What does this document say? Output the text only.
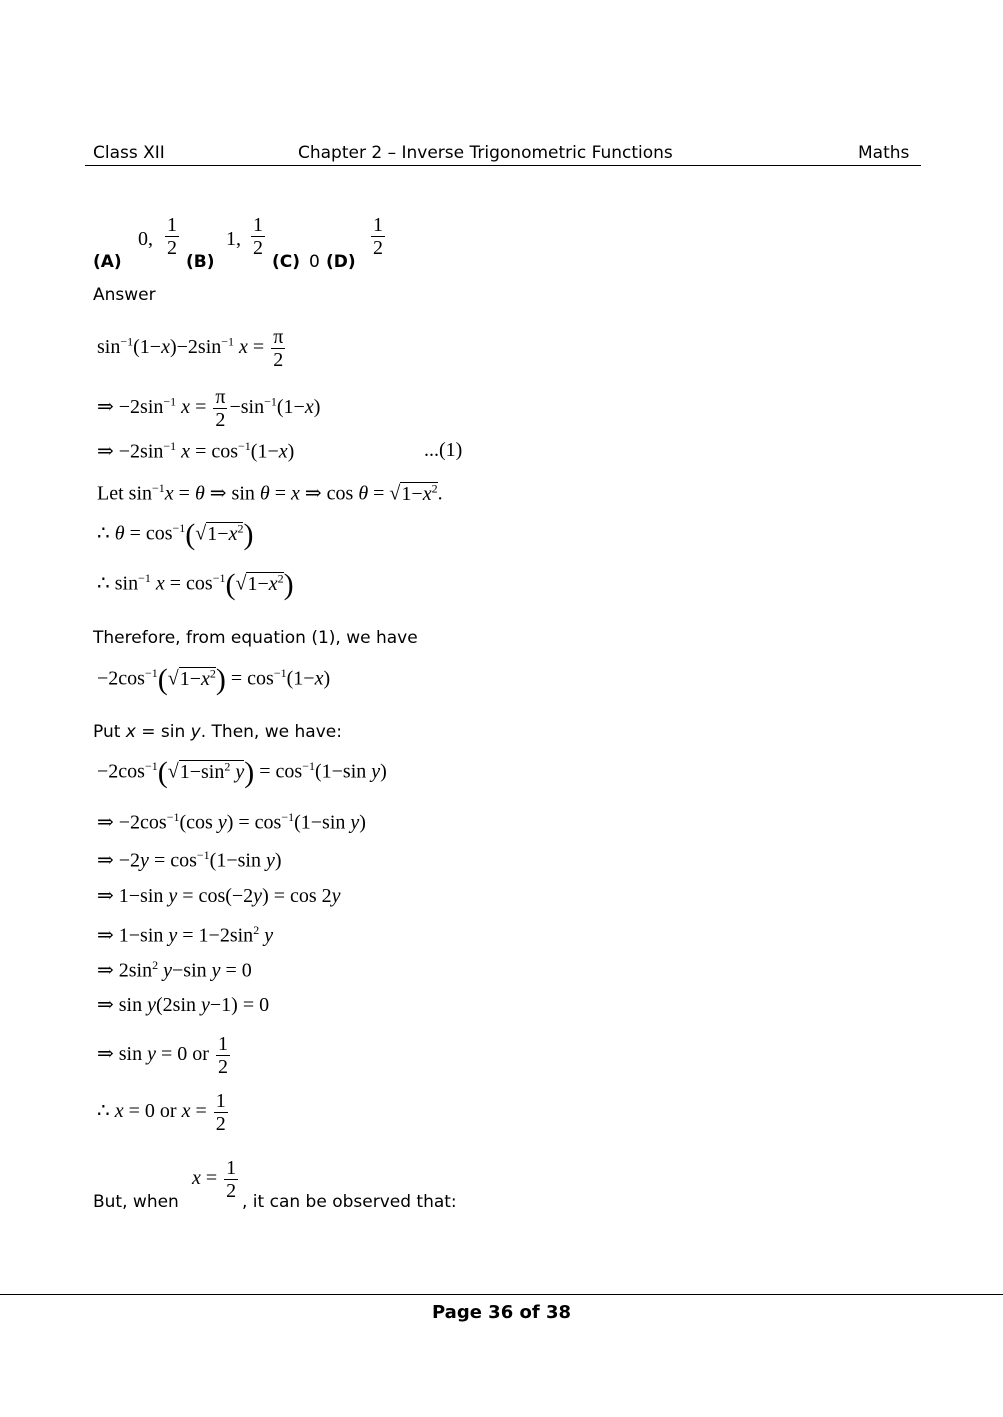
Class XII	Chapter 2 – Inverse Trigonometric Functions	Maths
(A)
0, $\frac{1}{2}$
(B)
1, $\frac{1}{2}$
(C) 0 (D)
$\frac{1}{2}$
Answer
$\sin^{-1}(1-x)-2\sin^{-1}$ $x = \frac{\pi}{2}$
⇒ $-2\sin^{-1}$ $x = \frac{\pi}{2} -\sin^{-1}(1-x)$
⇒ $-2\sin^{-1}$ $x = \cos^{-1}(1-x)$	...(1)
Let $\sin^{-1}x = \theta$ ⇒ sin θ = x ⇒ $\cos \theta = √1-x^2$.
∴ $\theta = \cos^{-1}(√1-x^2)$
∴ $\sin^{-1} x = \cos^{-1}(√1-x^2)$
Therefore, from equation (1), we have
$-2\cos^{-1}(√1-x^2) = \cos^{-1}(1-x)$
Put x = sin y. Then, we have:
$-2\cos^{-1}(√1-\sin^2$ $y) = \cos^{-1}(1-\sin$ y)
⇒ $-2\cos^{-1}(\cos$ $y) = \cos^{-1}(1-\sin$ y)
⇒ $-2y = \cos^{-1}(1-\sin$ y)
⇒ 1−sin y = cos(−2y) = cos 2y
⇒ 1−sin $y = 1-2\sin^2$ y
⇒ $2\sin^2$ y−sin y = 0
⇒ sin y(2sin y−1) = 0
⇒ sin y = 0 or $\frac{1}{2}$
∴ x = 0 or $x = \frac{1}{2}$
But, when
$x = \frac{1}{2}$ , it can be observed that:
Page 36 of 38
